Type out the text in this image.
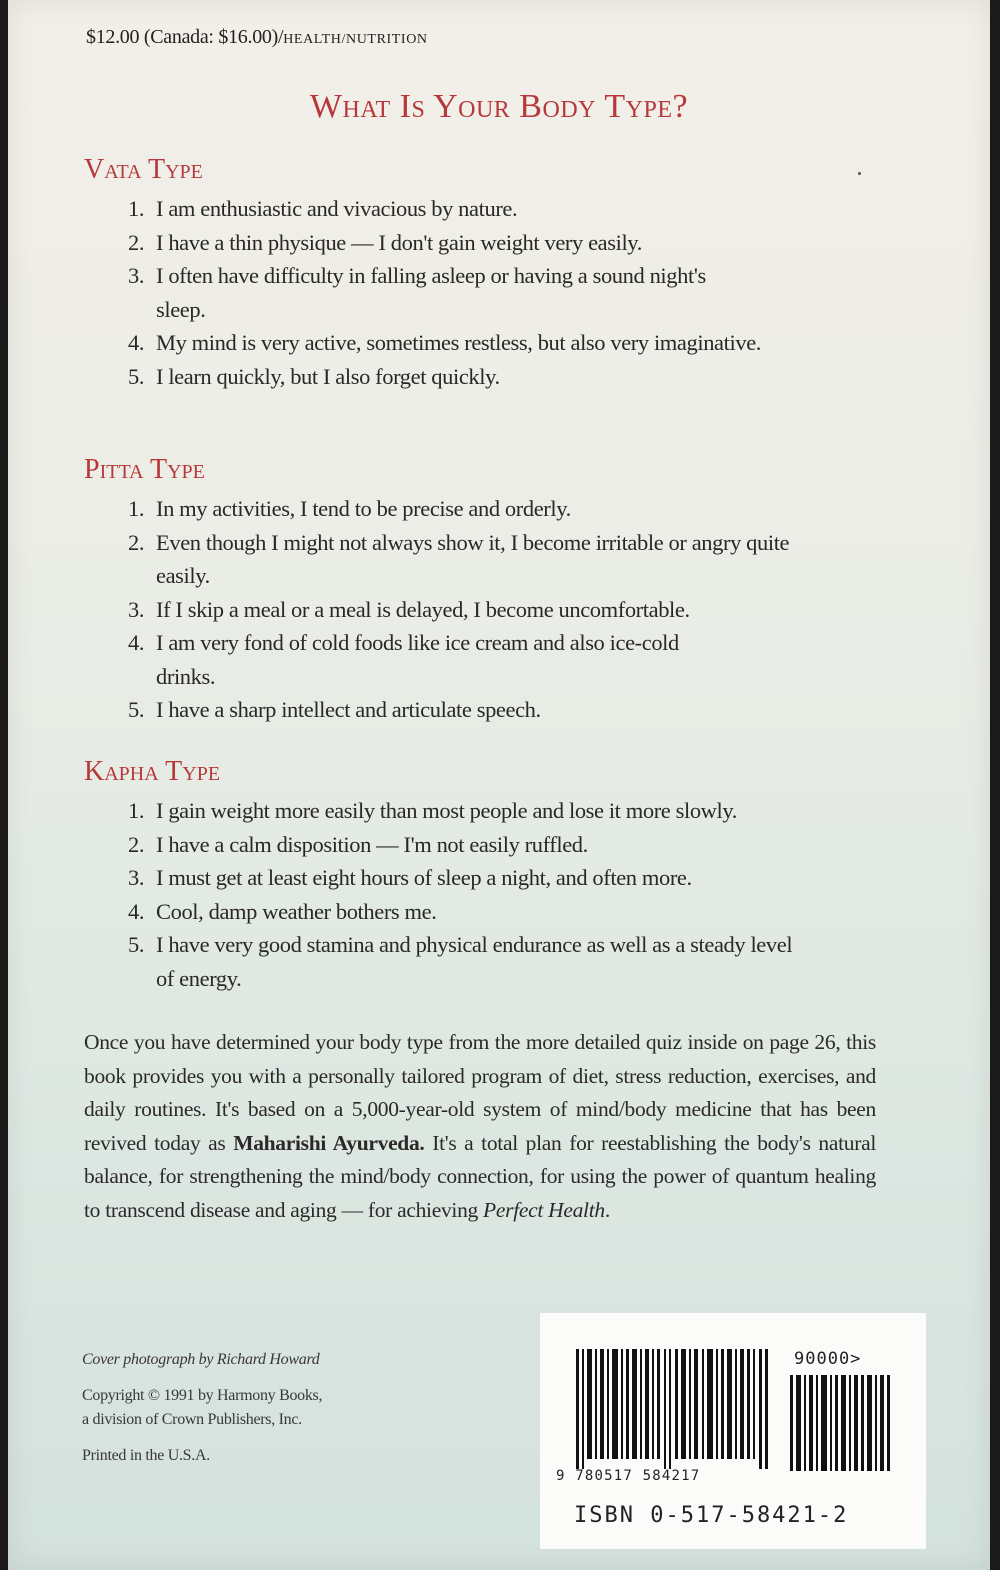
$12.00 (Canada: $16.00)/HEALTH/NUTRITION
What Is Your Body Type?
Vata Type
1. I am enthusiastic and vivacious by nature.
2. I have a thin physique — I don't gain weight very easily.
3. I often have difficulty in falling asleep or having a sound night's sleep.
4. My mind is very active, sometimes restless, but also very imaginative.
5. I learn quickly, but I also forget quickly.
Pitta Type
1. In my activities, I tend to be precise and orderly.
2. Even though I might not always show it, I become irritable or angry quite easily.
3. If I skip a meal or a meal is delayed, I become uncomfortable.
4. I am very fond of cold foods like ice cream and also ice-cold drinks.
5. I have a sharp intellect and articulate speech.
Kapha Type
1. I gain weight more easily than most people and lose it more slowly.
2. I have a calm disposition — I'm not easily ruffled.
3. I must get at least eight hours of sleep a night, and often more.
4. Cool, damp weather bothers me.
5. I have very good stamina and physical endurance as well as a steady level of energy.
Once you have determined your body type from the more detailed quiz inside on page 26, this book provides you with a personally tailored program of diet, stress reduction, exercises, and daily routines. It's based on a 5,000-year-old system of mind/body medicine that has been revived today as Maharishi Ayurveda. It's a total plan for reestablishing the body's natural balance, for strengthening the mind/body connection, for using the power of quantum healing to transcend disease and aging — for achieving Perfect Health.

Cover photograph by Richard Howard

Copyright © 1991 by Harmony Books,
a division of Crown Publishers, Inc.

Printed in the U.S.A.

90000>
9 780517 584217
ISBN 0-517-58421-2
